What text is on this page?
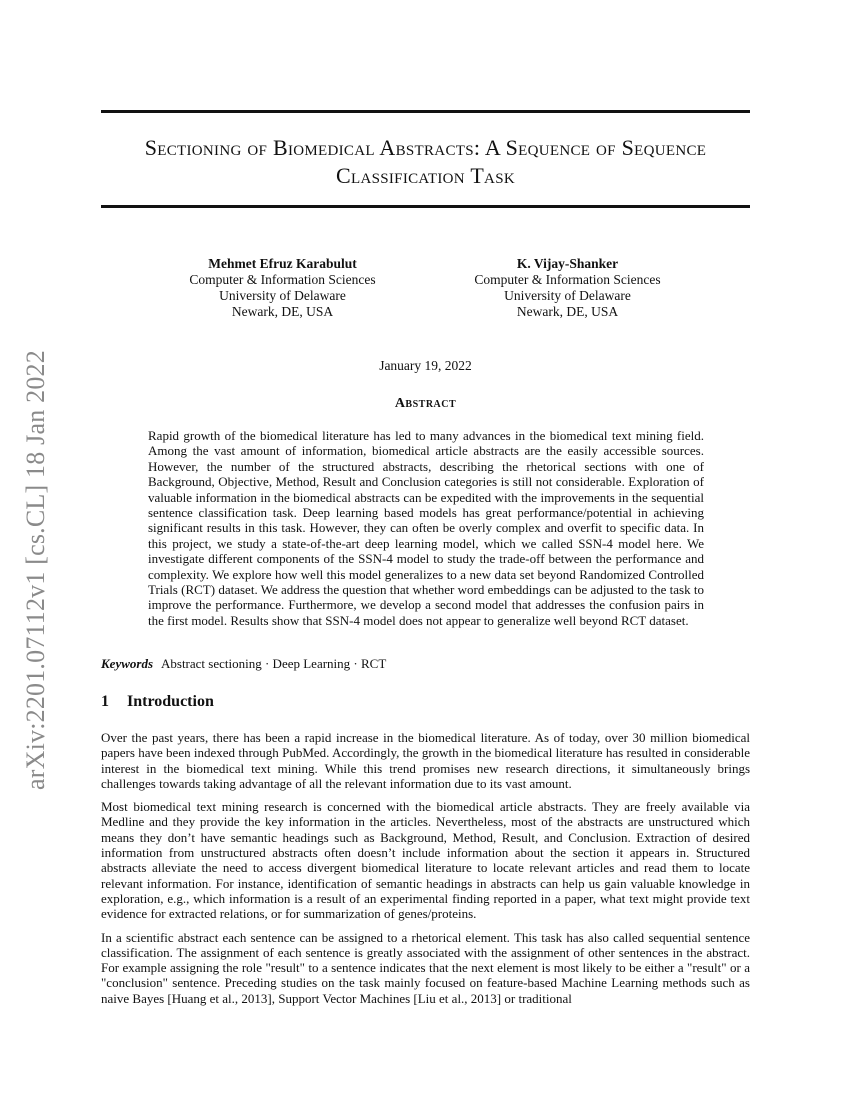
arXiv:2201.07112v1 [cs.CL] 18 Jan 2022
Sectioning of Biomedical Abstracts: A Sequence of Sequence Classification Task
Mehmet Efruz Karabulut
Computer & Information Sciences
University of Delaware
Newark, DE, USA
K. Vijay-Shanker
Computer & Information Sciences
University of Delaware
Newark, DE, USA
January 19, 2022
Abstract
Rapid growth of the biomedical literature has led to many advances in the biomedical text mining field. Among the vast amount of information, biomedical article abstracts are the easily accessible sources. However, the number of the structured abstracts, describing the rhetorical sections with one of Background, Objective, Method, Result and Conclusion categories is still not considerable. Exploration of valuable information in the biomedical abstracts can be expedited with the improvements in the sequential sentence classification task. Deep learning based models has great performance/potential in achieving significant results in this task. However, they can often be overly complex and overfit to specific data. In this project, we study a state-of-the-art deep learning model, which we called SSN-4 model here. We investigate different components of the SSN-4 model to study the trade-off between the performance and complexity. We explore how well this model generalizes to a new data set beyond Randomized Controlled Trials (RCT) dataset. We address the question that whether word embeddings can be adjusted to the task to improve the performance. Furthermore, we develop a second model that addresses the confusion pairs in the first model. Results show that SSN-4 model does not appear to generalize well beyond RCT dataset.
Keywords Abstract sectioning · Deep Learning · RCT
1 Introduction

Over the past years, there has been a rapid increase in the biomedical literature. As of today, over 30 million biomedical papers have been indexed through PubMed. Accordingly, the growth in the biomedical literature has resulted in considerable interest in the biomedical text mining. While this trend promises new research directions, it simultaneously brings challenges towards taking advantage of all the relevant information due to its vast amount.

Most biomedical text mining research is concerned with the biomedical article abstracts. They are freely available via Medline and they provide the key information in the articles. Nevertheless, most of the abstracts are unstructured which means they don’t have semantic headings such as Background, Method, Result, and Conclusion. Extraction of desired information from unstructured abstracts often doesn’t include information about the section it appears in. Structured abstracts alleviate the need to access divergent biomedical literature to locate relevant articles and read them to locate relevant information. For instance, identification of semantic headings in abstracts can help us gain valuable knowledge in exploration, e.g., which information is a result of an experimental finding reported in a paper, what text might provide text evidence for extracted relations, or for summarization of genes/proteins.

In a scientific abstract each sentence can be assigned to a rhetorical element. This task has also called sequential sentence classification. The assignment of each sentence is greatly associated with the assignment of other sentences in the abstract. For example assigning the role "result" to a sentence indicates that the next element is most likely to be either a "result" or a "conclusion" sentence. Preceding studies on the task mainly focused on feature-based Machine Learning methods such as naive Bayes [Huang et al., 2013], Support Vector Machines [Liu et al., 2013] or traditional
